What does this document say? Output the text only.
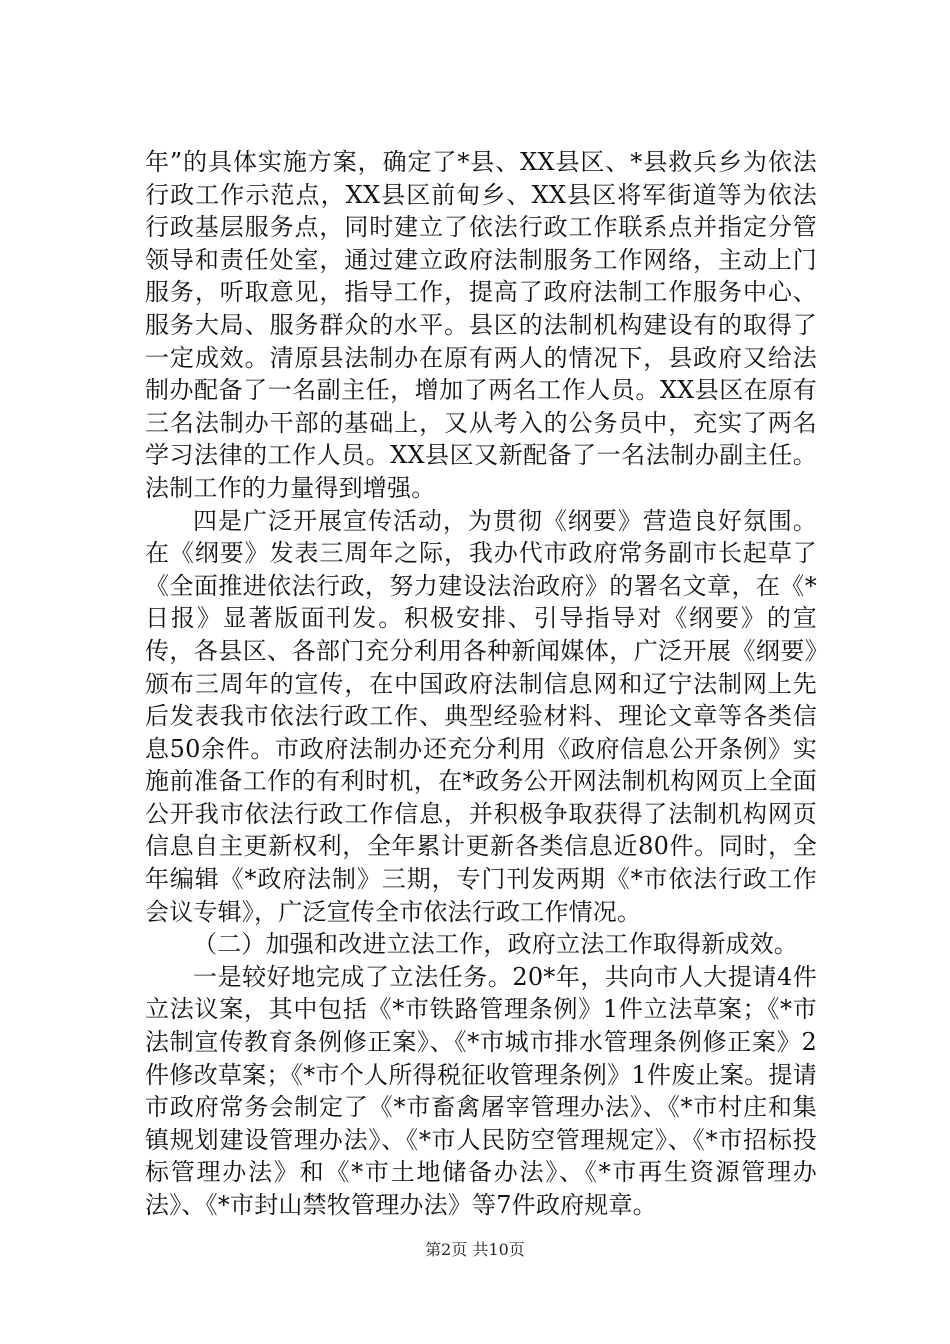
年”的具体实施方案，确定了*县、XX县区、*县救兵乡为依法行政工作示范点，XX县区前甸乡、XX县区将军街道等为依法行政基层服务点，同时建立了依法行政工作联系点并指定分管领导和责任处室，通过建立政府法制服务工作网络，主动上门服务，听取意见，指导工作，提高了政府法制工作服务中心、服务大局、服务群众的水平。县区的法制机构建设有的取得了一定成效。清原县法制办在原有两人的情况下，县政府又给法制办配备了一名副主任，增加了两名工作人员。XX县区在原有三名法制办干部的基础上，又从考入的公务员中，充实了两名学习法律的工作人员。XX县区又新配备了一名法制办副主任。法制工作的力量得到增强。

四是广泛开展宣传活动，为贯彻《纲要》营造良好氛围。在《纲要》发表三周年之际，我办代市政府常务副市长起草了《全面推进依法行政，努力建设法治政府》的署名文章，在《*日报》显著版面刊发。积极安排、引导指导对《纲要》的宣传，各县区、各部门充分利用各种新闻媒体，广泛开展《纲要》颁布三周年的宣传，在中国政府法制信息网和辽宁法制网上先后发表我市依法行政工作、典型经验材料、理论文章等各类信息50余件。市政府法制办还充分利用《政府信息公开条例》实施前准备工作的有利时机，在*政务公开网法制机构网页上全面公开我市依法行政工作信息，并积极争取获得了法制机构网页信息自主更新权利，全年累计更新各类信息近80件。同时，全年编辑《*政府法制》三期，专门刊发两期《*市依法行政工作会议专辑》，广泛宣传全市依法行政工作情况。

（二）加强和改进立法工作，政府立法工作取得新成效。

一是较好地完成了立法任务。20*年，共向市人大提请4件立法议案，其中包括《*市铁路管理条例》1件立法草案；《*市法制宣传教育条例修正案》、《*市城市排水管理条例修正案》2件修改草案；《*市个人所得税征收管理条例》1件废止案。提请市政府常务会制定了《*市畜禽屠宰管理办法》、《*市村庄和集镇规划建设管理办法》、《*市人民防空管理规定》、《*市招标投标管理办法》和《*市土地储备办法》、《*市再生资源管理办法》、《*市封山禁牧管理办法》等7件政府规章。

第2页 共10页
